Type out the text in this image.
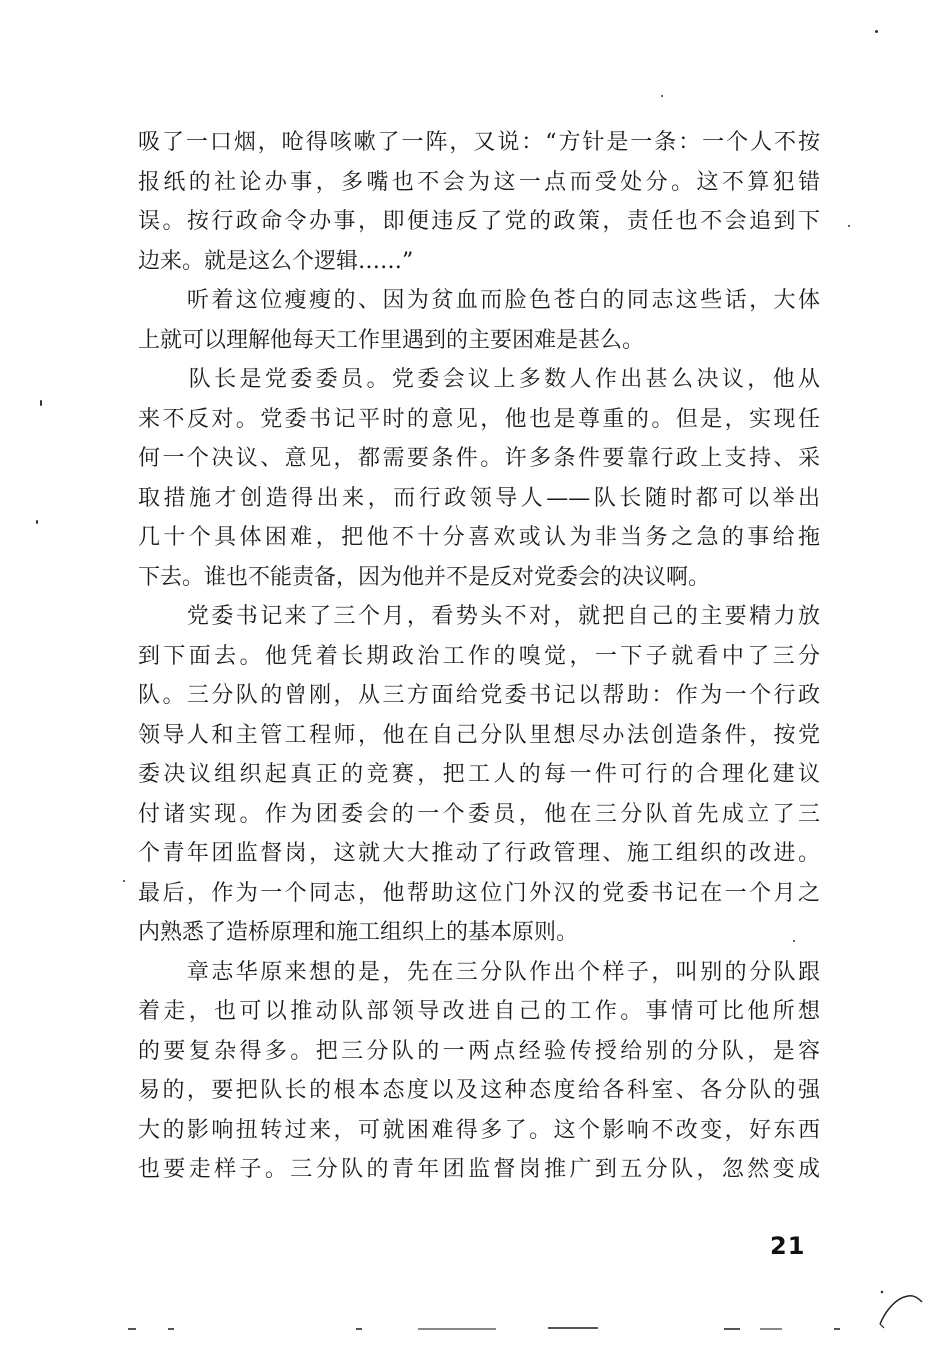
吸了一口烟，呛得咳嗽了一阵，又说：“方针是一条：一个人不按
报纸的社论办事，多嘴也不会为这一点而受处分。这不算犯错
误。按行政命令办事，即便违反了党的政策，责任也不会追到下
边来。就是这么个逻辑……”
　　听着这位瘦瘦的、因为贫血而脸色苍白的同志这些话，大体
上就可以理解他每天工作里遇到的主要困难是甚么。
　　队长是党委委员。党委会议上多数人作出甚么决议，他从
来不反对。党委书记平时的意见，他也是尊重的。但是，实现任
何一个决议、意见，都需要条件。许多条件要靠行政上支持、采
取措施才创造得出来，而行政领导人——队长随时都可以举出
几十个具体困难，把他不十分喜欢或认为非当务之急的事给拖
下去。谁也不能责备，因为他并不是反对党委会的决议啊。
　　党委书记来了三个月，看势头不对，就把自己的主要精力放
到下面去。他凭着长期政治工作的嗅觉，一下子就看中了三分
队。三分队的曾刚，从三方面给党委书记以帮助：作为一个行政
领导人和主管工程师，他在自己分队里想尽办法创造条件，按党
委决议组织起真正的竞赛，把工人的每一件可行的合理化建议
付诸实现。作为团委会的一个委员，他在三分队首先成立了三
个青年团监督岗，这就大大推动了行政管理、施工组织的改进。
最后，作为一个同志，他帮助这位门外汉的党委书记在一个月之
内熟悉了造桥原理和施工组织上的基本原则。
　　章志华原来想的是，先在三分队作出个样子，叫别的分队跟
着走，也可以推动队部领导改进自己的工作。事情可比他所想
的要复杂得多。把三分队的一两点经验传授给别的分队，是容
易的，要把队长的根本态度以及这种态度给各科室、各分队的强
大的影响扭转过来，可就困难得多了。这个影响不改变，好东西
也要走样子。三分队的青年团监督岗推广到五分队，忽然变成
21
